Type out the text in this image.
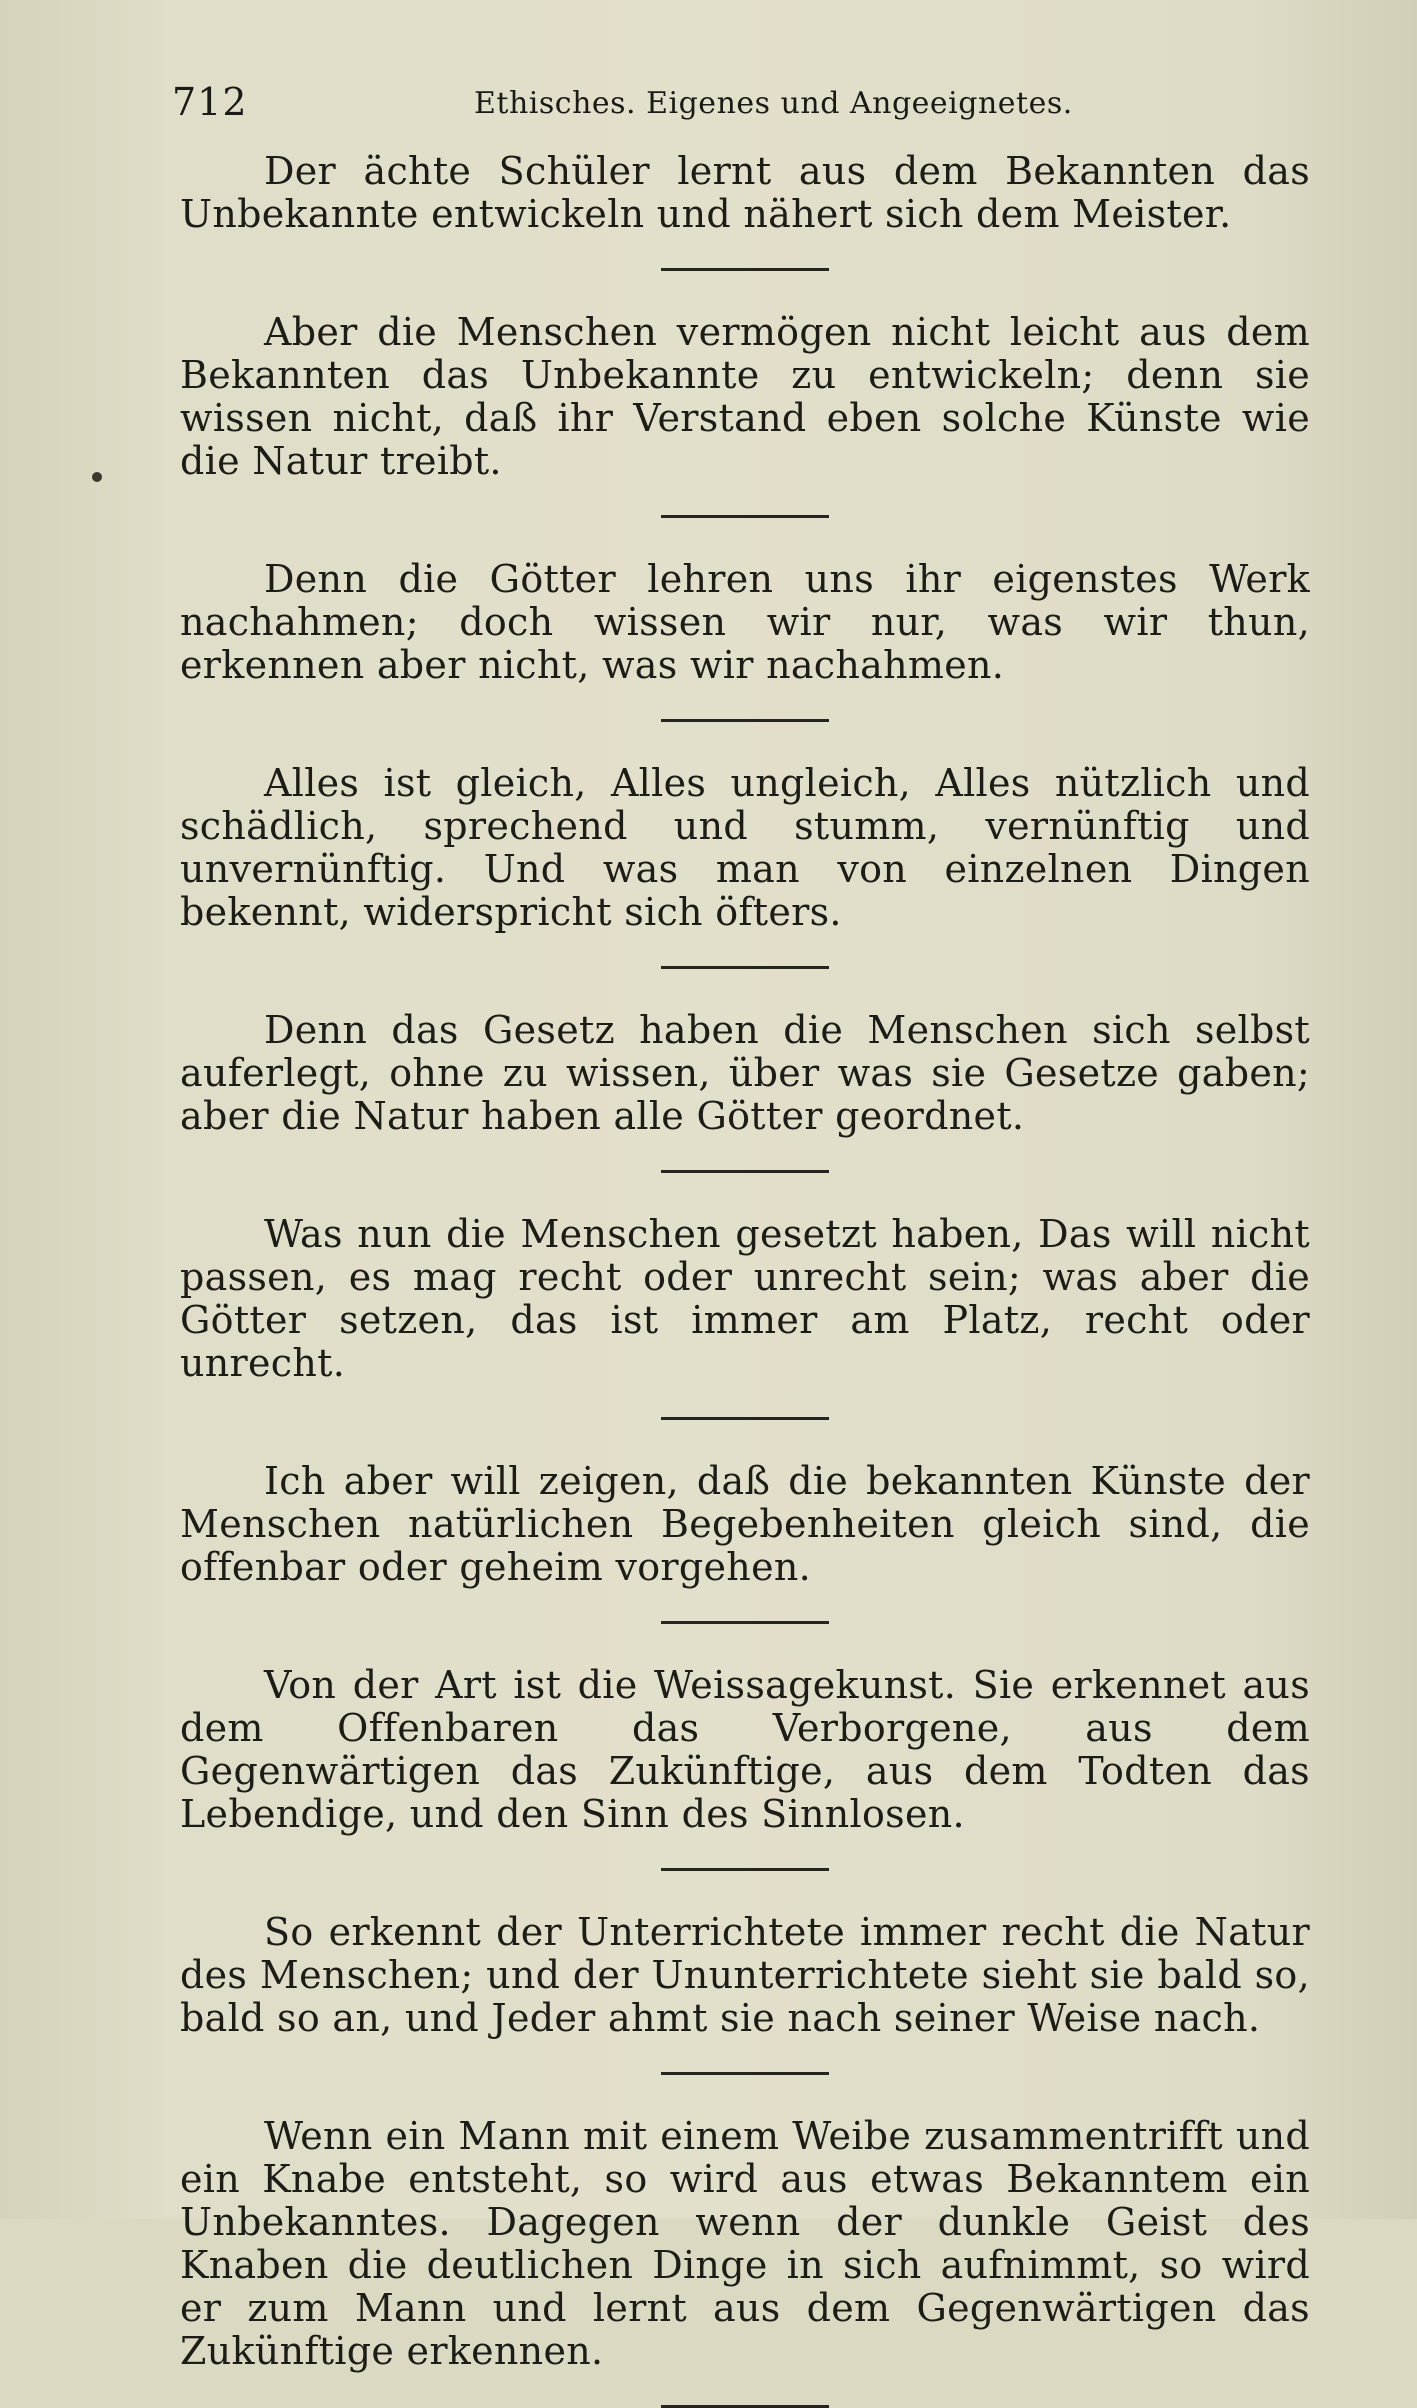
712	Ethisches. Eigenes und Angeeignetes.

Der ächte Schüler lernt aus dem Bekannten das Unbekannte entwickeln und nähert sich dem Meister.

Aber die Menschen vermögen nicht leicht aus dem Bekannten das Unbekannte zu entwickeln; denn sie wissen nicht, daß ihr Verstand eben solche Künste wie die Natur treibt.

Denn die Götter lehren uns ihr eigenstes Werk nachahmen; doch wissen wir nur, was wir thun, erkennen aber nicht, was wir nachahmen.

Alles ist gleich, Alles ungleich, Alles nützlich und schädlich, sprechend und stumm, vernünftig und unvernünftig. Und was man von einzelnen Dingen bekennt, widerspricht sich öfters.

Denn das Gesetz haben die Menschen sich selbst auferlegt, ohne zu wissen, über was sie Gesetze gaben; aber die Natur haben alle Götter geordnet.

Was nun die Menschen gesetzt haben, Das will nicht passen, es mag recht oder unrecht sein; was aber die Götter setzen, das ist immer am Platz, recht oder unrecht.

Ich aber will zeigen, daß die bekannten Künste der Menschen natürlichen Begebenheiten gleich sind, die offenbar oder geheim vorgehen.

Von der Art ist die Weissagekunst. Sie erkennet aus dem Offenbaren das Verborgene, aus dem Gegenwärtigen das Zukünftige, aus dem Todten das Lebendige, und den Sinn des Sinnlosen.

So erkennt der Unterrichtete immer recht die Natur des Menschen; und der Ununterrichtete sieht sie bald so, bald so an, und Jeder ahmt sie nach seiner Weise nach.

Wenn ein Mann mit einem Weibe zusammentrifft und ein Knabe entsteht, so wird aus etwas Bekanntem ein Unbekanntes. Dagegen wenn der dunkle Geist des Knaben die deutlichen Dinge in sich aufnimmt, so wird er zum Mann und lernt aus dem Gegenwärtigen das Zukünftige erkennen.
